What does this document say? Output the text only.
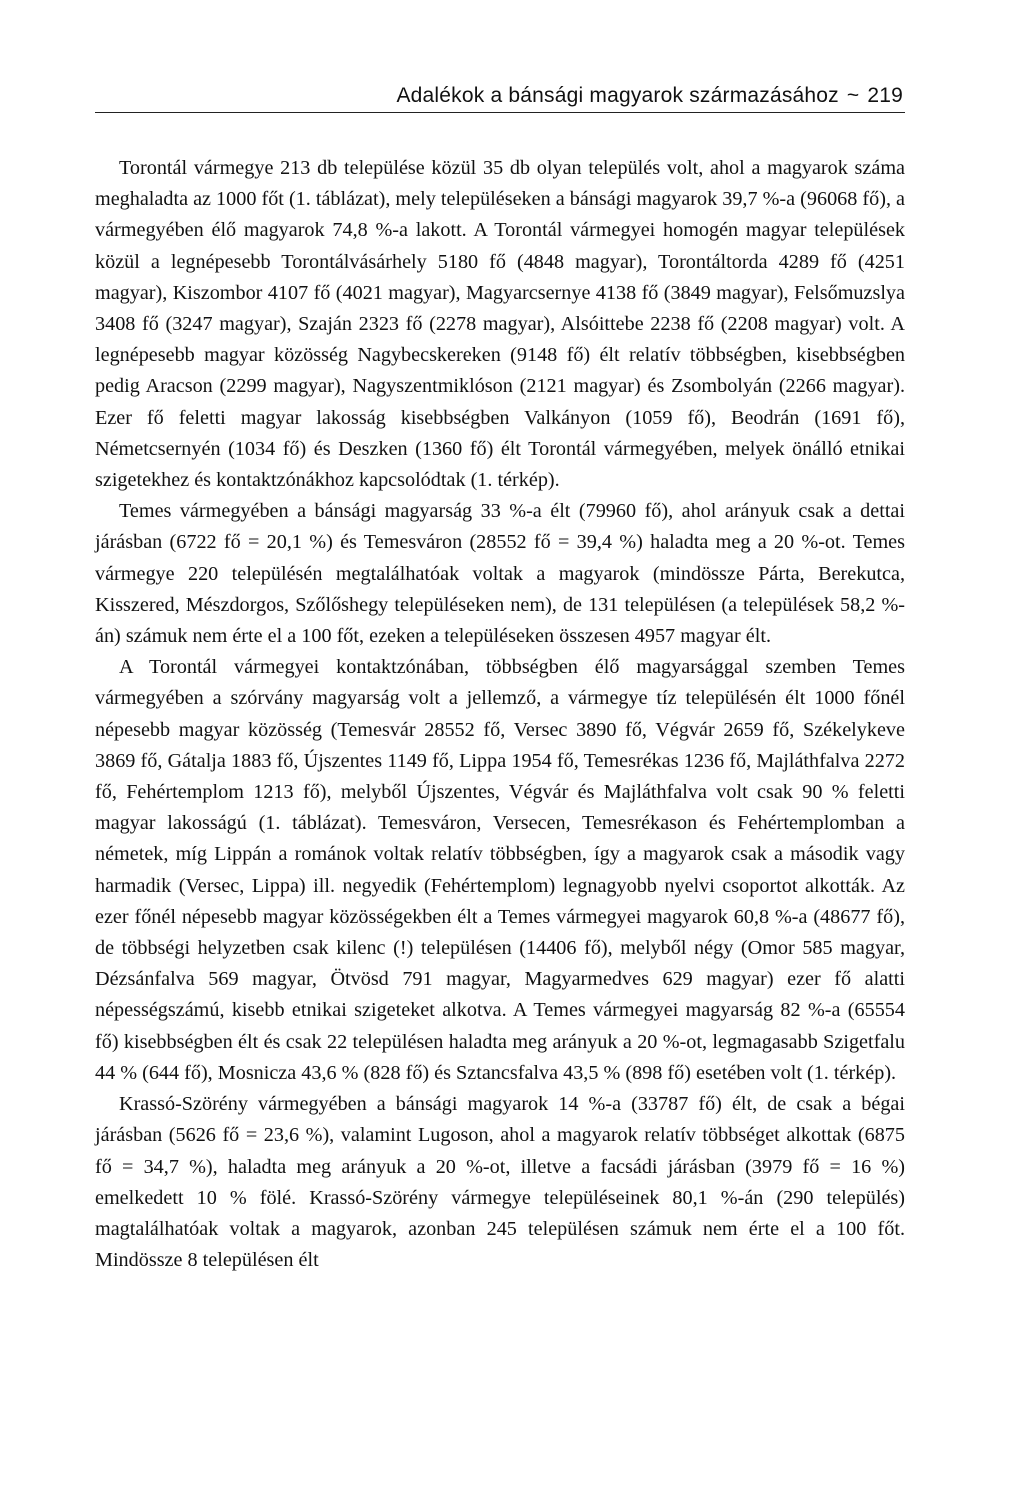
Adalékok a bánsági magyarok származásához ~ 219

Torontál vármegye 213 db települése közül 35 db olyan település volt, ahol a magyarok száma meghaladta az 1000 főt (1. táblázat), mely településeken a bánsági magyarok 39,7 %-a (96068 fő), a vármegyében élő magyarok 74,8 %-a lakott. A Torontál vármegyei homogén magyar települések közül a legnépesebb Torontálvásárhely 5180 fő (4848 magyar), Torontáltorda 4289 fő (4251 magyar), Kiszombor 4107 fő (4021 magyar), Magyarcsernye 4138 fő (3849 magyar), Felsőmuzslya 3408 fő (3247 magyar), Szaján 2323 fő (2278 magyar), Alsóittebe 2238 fő (2208 magyar) volt. A legnépesebb magyar közösség Nagybecskereken (9148 fő) élt relatív többségben, kisebbségben pedig Aracson (2299 magyar), Nagyszentmiklóson (2121 magyar) és Zsombolyán (2266 magyar). Ezer fő feletti magyar lakosság kisebbségben Valkányon (1059 fő), Beodrán (1691 fő), Németcsernyén (1034 fő) és Deszken (1360 fő) élt Torontál vármegyében, melyek önálló etnikai szigetekhez és kontaktzónákhoz kapcsolódtak (1. térkép).

Temes vármegyében a bánsági magyarság 33 %-a élt (79960 fő), ahol arányuk csak a dettai járásban (6722 fő = 20,1 %) és Temesváron (28552 fő = 39,4 %) haladta meg a 20 %-ot. Temes vármegye 220 településén megtalálhatóak voltak a magyarok (mindössze Párta, Berekutca, Kisszered, Mészdorgos, Szőlőshegy településeken nem), de 131 településen (a települések 58,2 %-án) számuk nem érte el a 100 főt, ezeken a településeken összesen 4957 magyar élt.

A Torontál vármegyei kontaktzónában, többségben élő magyarsággal szemben Temes vármegyében a szórvány magyarság volt a jellemző, a vármegye tíz településén élt 1000 főnél népesebb magyar közösség (Temesvár 28552 fő, Versec 3890 fő, Végvár 2659 fő, Székelykeve 3869 fő, Gátalja 1883 fő, Újszentes 1149 fő, Lippa 1954 fő, Temesrékas 1236 fő, Majláthfalva 2272 fő, Fehértemplom 1213 fő), melyből Újszentes, Végvár és Majláthfalva volt csak 90 % feletti magyar lakosságú (1. táblázat). Temesváron, Versecen, Temesrékason és Fehértemplomban a németek, míg Lippán a románok voltak relatív többségben, így a magyarok csak a második vagy harmadik (Versec, Lippa) ill. negyedik (Fehértemplom) legnagyobb nyelvi csoportot alkották. Az ezer főnél népesebb magyar közösségekben élt a Temes vármegyei magyarok 60,8 %-a (48677 fő), de többségi helyzetben csak kilenc (!) településen (14406 fő), melyből négy (Omor 585 magyar, Dézsánfalva 569 magyar, Ötvösd 791 magyar, Magyarmedves 629 magyar) ezer fő alatti népességszámú, kisebb etnikai szigeteket alkotva. A Temes vármegyei magyarság 82 %-a (65554 fő) kisebbségben élt és csak 22 településen haladta meg arányuk a 20 %-ot, legmagasabb Szigetfalu 44 % (644 fő), Mosnicza 43,6 % (828 fő) és Sztancsfalva 43,5 % (898 fő) esetében volt (1. térkép).

Krassó-Szörény vármegyében a bánsági magyarok 14 %-a (33787 fő) élt, de csak a bégai járásban (5626 fő = 23,6 %), valamint Lugoson, ahol a magyarok relatív többséget alkottak (6875 fő = 34,7 %), haladta meg arányuk a 20 %-ot, illetve a facsádi járásban (3979 fő = 16 %) emelkedett 10 % fölé. Krassó-Szörény vármegye településeinek 80,1 %-án (290 település) magtalálhatóak voltak a magyarok, azonban 245 településen számuk nem érte el a 100 főt. Mindössze 8 településen élt
